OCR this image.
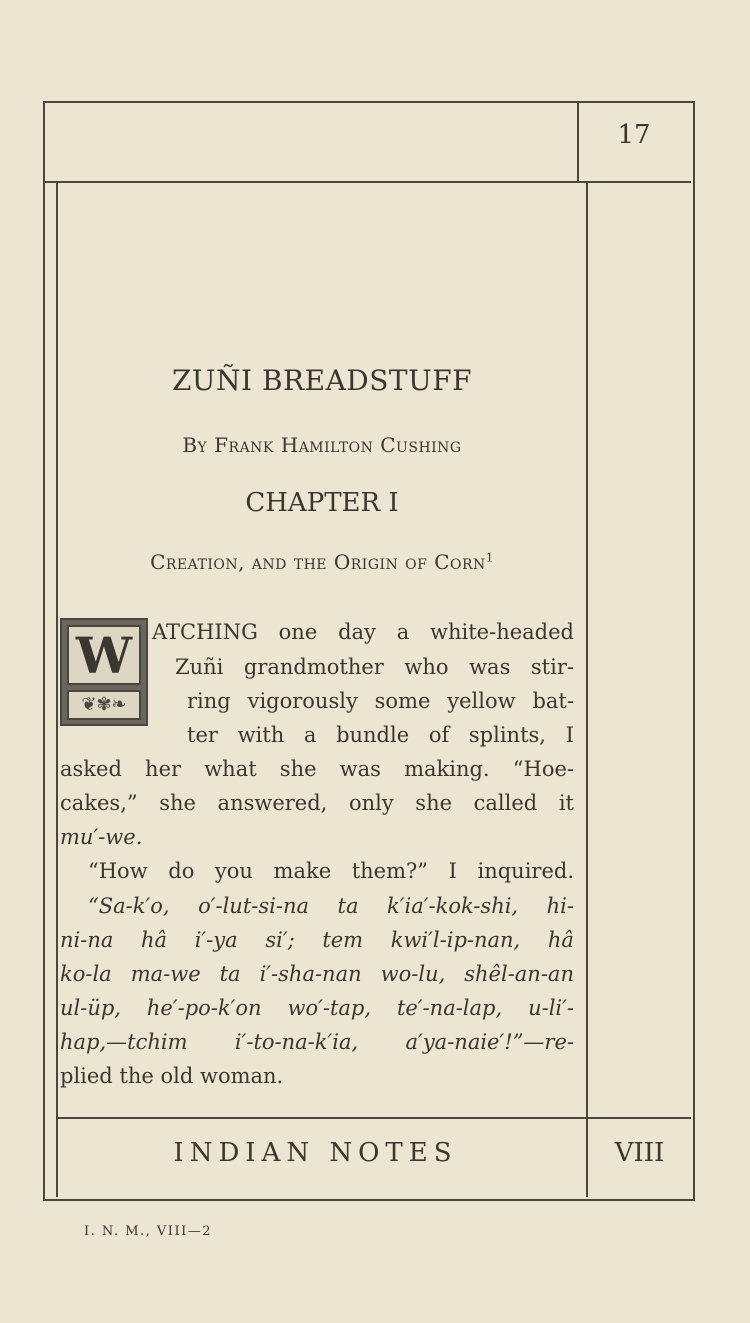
17
ZUÑI BREADSTUFF
By Frank Hamilton Cushing
CHAPTER I
Creation, and the Origin of Corn$^1$
W
❦✾❧
ATCHING one day a white-headed
Zuñi grandmother who was stir-
ring vigorously some yellow bat-
ter with a bundle of splints, I
asked her what she was making. “Hoe-
cakes,” she answered, only she called it
mu′-we.
“How do you make them?” I inquired.
“Sa-k′o, o′-lut-si-na ta k′ia′-kok-shi, hi-
ni-na hâ i′-ya si′; tem kwi′l-ip-nan, hâ
ko-la ma-we ta i′-sha-nan wo-lu, shêl-an-an
ul-üp, he′-po-k′on wo′-tap, te′-na-lap, u-li′-
hap,—tchim i′-to-na-k′ia, a′ya-naie′!”—re-
plied the old woman.
INDIAN NOTES	VIII
I. N. M., VIII—2
